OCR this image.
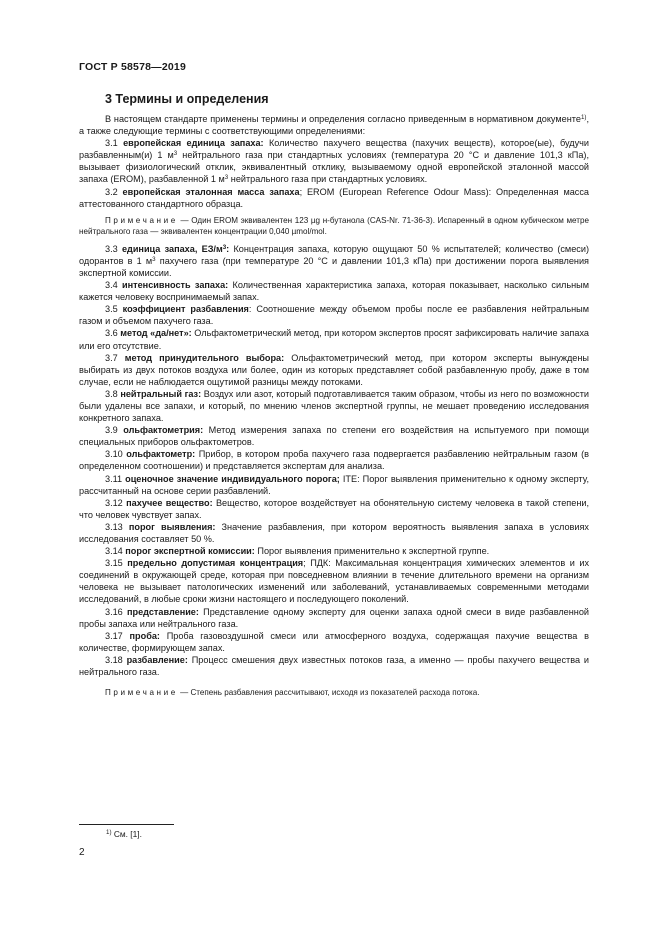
ГОСТ Р 58578—2019
3 Термины и определения

В настоящем стандарте применены термины и определения согласно приведенным в нормативном документе$^{1)}$, а также следующие термины с соответствующими определениями:

3.1 европейская единица запаха: Количество пахучего вещества (пахучих веществ), которое(ые), будучи разбавленным(и) 1 $м^3$ нейтрального газа при стандартных условиях (температура 20 °С и давление 101,3 кПа), вызывает физиологический отклик, эквивалентный отклику, вызываемому одной европейской эталонной массой запаха (EROM), разбавленной 1 $м^3$ нейтрального газа при стандартных условиях.

3.2 европейская эталонная масса запаха; EROM (European Reference Odour Mass): Определенная масса аттестованного стандартного образца.

Примечание — Один EROM эквивалентен 123 µg н-бутанола (CAS-Nr. 71-36-3). Испаренный в одном кубическом метре нейтрального газа — эквивалентен концентрации 0,040 µmol/mol.

3.3 единица запаха, $ЕЗ/м^3$: Концентрация запаха, которую ощущают 50 % испытателей; количество (смеси) одорантов в 1 $м^3$ пахучего газа (при температуре 20 °С и давлении 101,3 кПа) при достижении порога выявления экспертной комиссии.

3.4 интенсивность запаха: Количественная характеристика запаха, которая показывает, насколько сильным кажется человеку воспринимаемый запах.

3.5 коэффициент разбавления: Соотношение между объемом пробы после ее разбавления нейтральным газом и объемом пахучего газа.

3.6 метод «да/нет»: Ольфактометрический метод, при котором экспертов просят зафиксировать наличие запаха или его отсутствие.

3.7 метод принудительного выбора: Ольфактометрический метод, при котором эксперты вынуждены выбирать из двух потоков воздуха или более, один из которых представляет собой разбавленную пробу, даже в том случае, если не наблюдается ощутимой разницы между потоками.

3.8 нейтральный газ: Воздух или азот, который подготавливается таким образом, чтобы из него по возможности были удалены все запахи, и который, по мнению членов экспертной группы, не мешает проведению исследования конкретного запаха.

3.9 ольфактометрия: Метод измерения запаха по степени его воздействия на испытуемого при помощи специальных приборов ольфактометров.

3.10 ольфактометр: Прибор, в котором проба пахучего газа подвергается разбавлению нейтральным газом (в определенном соотношении) и представляется экспертам для анализа.

3.11 оценочное значение индивидуального порога; ITE: Порог выявления применительно к одному эксперту, рассчитанный на основе серии разбавлений.

3.12 пахучее вещество: Вещество, которое воздействует на обонятельную систему человека в такой степени, что человек чувствует запах.

3.13 порог выявления: Значение разбавления, при котором вероятность выявления запаха в условиях исследования составляет 50 %.

3.14 порог экспертной комиссии: Порог выявления применительно к экспертной группе.

3.15 предельно допустимая концентрация; ПДК: Максимальная концентрация химических элементов и их соединений в окружающей среде, которая при повседневном влиянии в течение длительного времени на организм человека не вызывает патологических изменений или заболеваний, устанавливаемых современными методами исследований, в любые сроки жизни настоящего и последующего поколений.

3.16 представление: Представление одному эксперту для оценки запаха одной смеси в виде разбавленной пробы запаха или нейтрального газа.

3.17 проба: Проба газовоздушной смеси или атмосферного воздуха, содержащая пахучие вещества в количестве, формирующем запах.

3.18 разбавление: Процесс смешения двух известных потоков газа, а именно — пробы пахучего вещества и нейтрального газа.

Примечание — Степень разбавления рассчитывают, исходя из показателей расхода потока.

$^{1)}$ См. [1].
2
